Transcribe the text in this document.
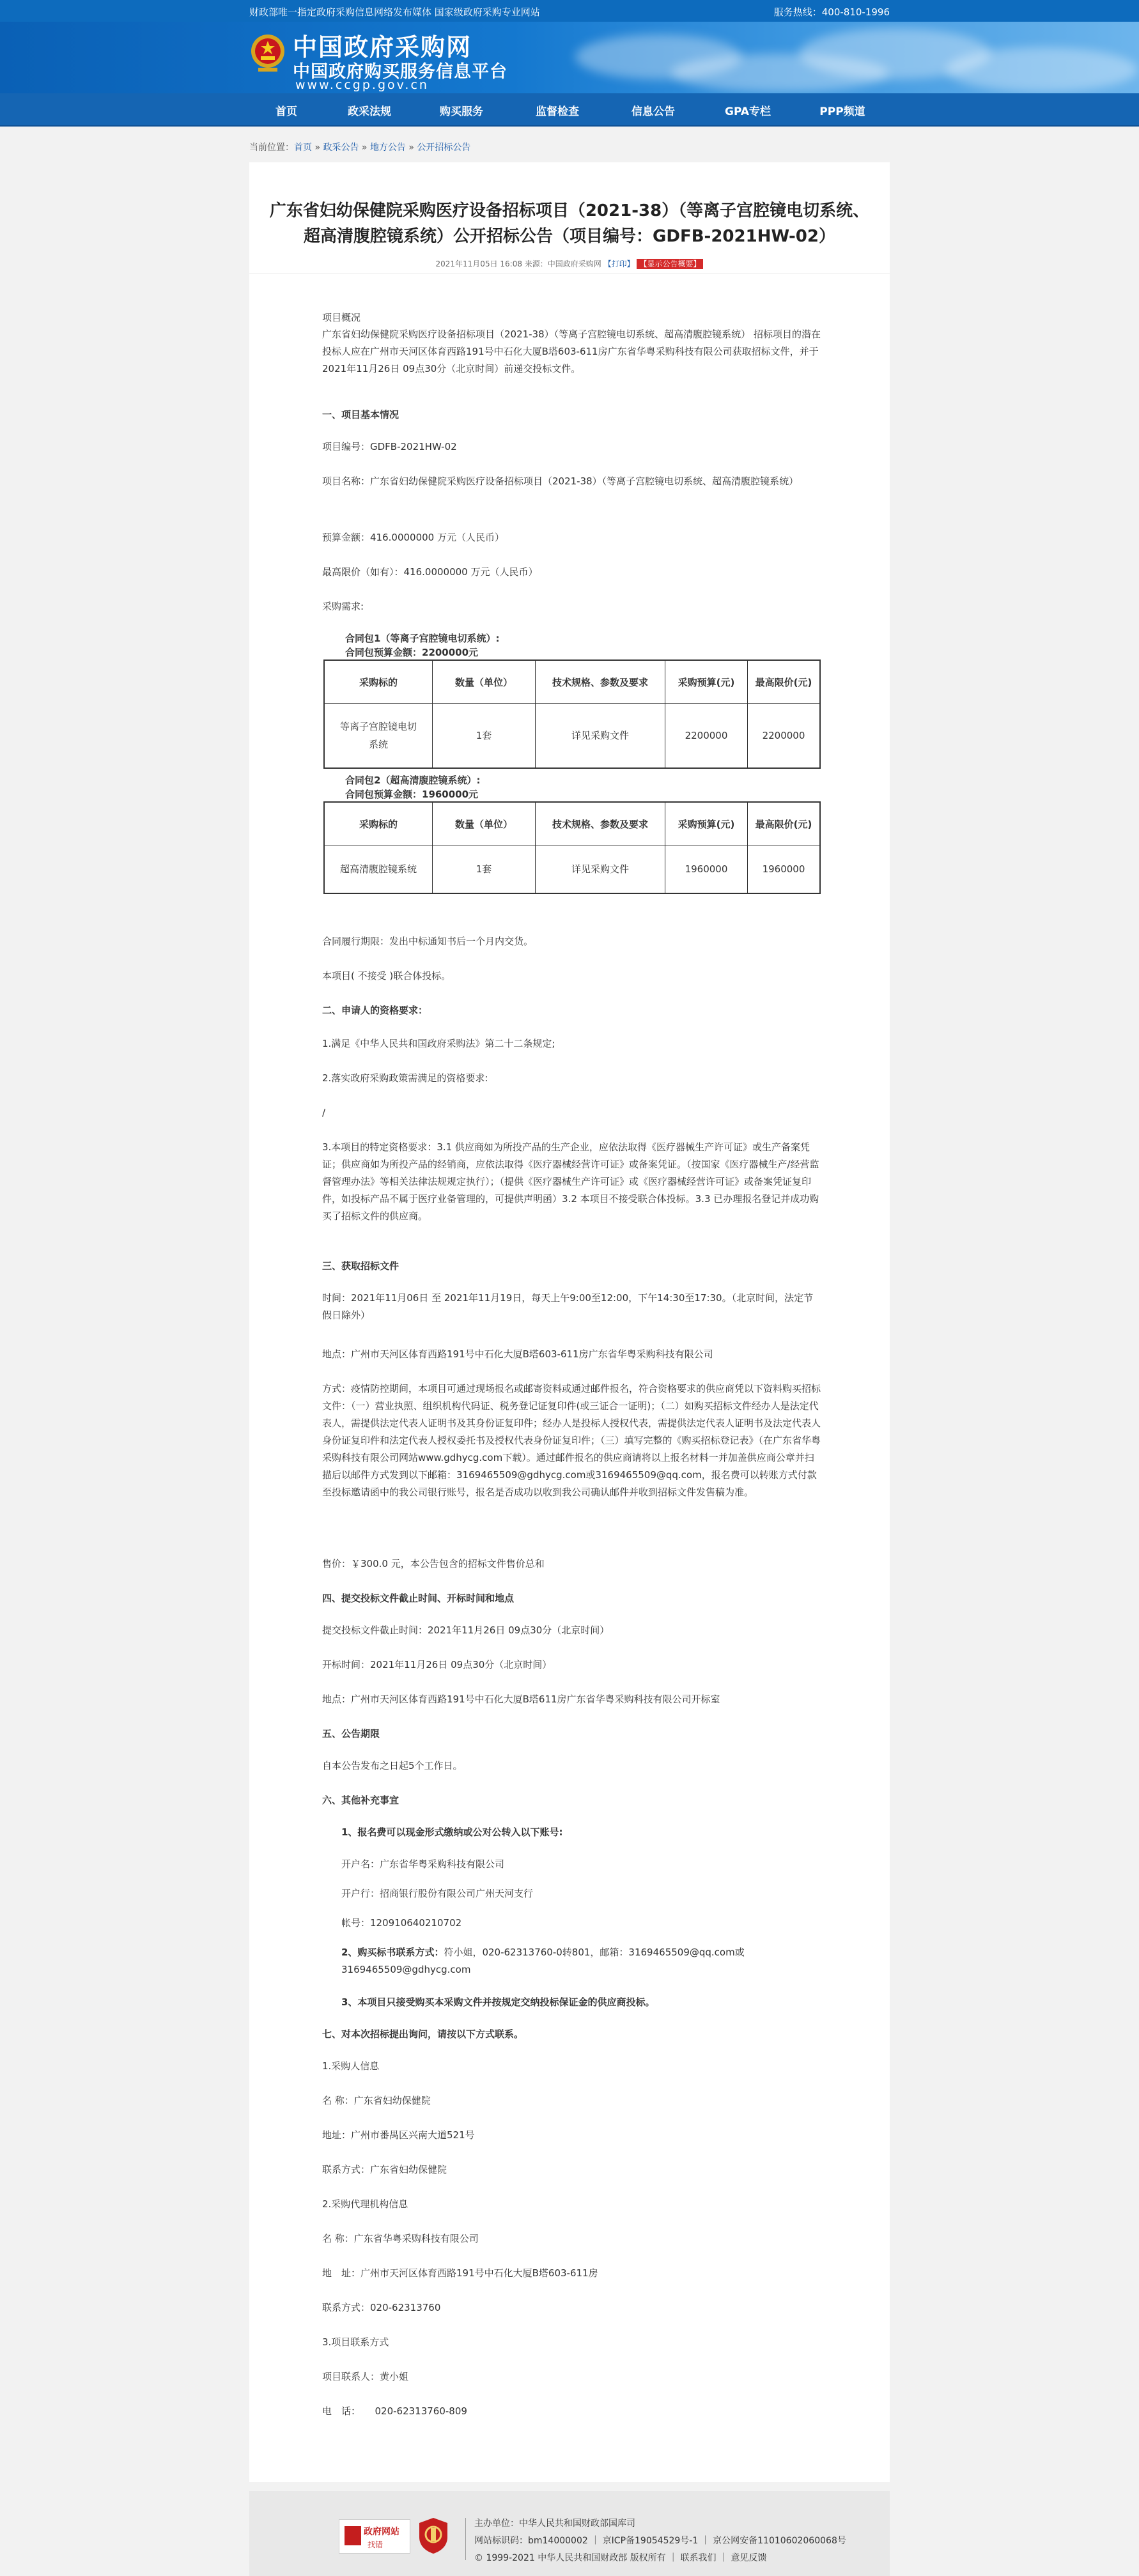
财政部唯一指定政府采购信息网络发布媒体 国家级政府采购专业网站	服务热线：400-810-1996
中国政府采购网
中国政府购买服务信息平台
www.ccgp.gov.cn
首页	政采法规	购买服务	监督检查	信息公告	GPA专栏	PPP频道
当前位置：首页 » 政采公告 » 地方公告 » 公开招标公告
广东省妇幼保健院采购医疗设备招标项目（2021-38）（等离子宫腔镜电切系统、
超高清腹腔镜系统）公开招标公告（项目编号：GDFB-2021HW-02）
2021年11月05日 16:08 来源：中国政府采购网 【打印】 【显示公告概要】
项目概况
广东省妇幼保健院采购医疗设备招标项目（2021-38）（等离子宫腔镜电切系统、超高清腹腔镜系统） 招标项目的潜在投标人应在广州市天河区体育西路191号中石化大厦B塔603-611房广东省华粤采购科技有限公司获取招标文件，并于2021年11月26日 09点30分（北京时间）前递交投标文件。
一、项目基本情况
项目编号：GDFB-2021HW-02
项目名称：广东省妇幼保健院采购医疗设备招标项目（2021-38）（等离子宫腔镜电切系统、超高清腹腔镜系统）
预算金额：416.0000000 万元（人民币）
最高限价（如有）：416.0000000 万元（人民币）
采购需求:
合同包1（等离子宫腔镜电切系统）:
合同包预算金额：2200000元
采购标的	数量（单位）	技术规格、参数及要求	采购预算(元)	最高限价(元)
等离子宫腔镜电切系统	1套	详见采购文件	2200000	2200000
合同包2（超高清腹腔镜系统）:
合同包预算金额：1960000元
采购标的	数量（单位）	技术规格、参数及要求	采购预算(元)	最高限价(元)
超高清腹腔镜系统	1套	详见采购文件	1960000	1960000
合同履行期限：发出中标通知书后一个月内交货。
本项目( 不接受 )联合体投标。
二、申请人的资格要求：
1.满足《中华人民共和国政府采购法》第二十二条规定;
2.落实政府采购政策需满足的资格要求:
/
3.本项目的特定资格要求：3.1 供应商如为所投产品的生产企业，应依法取得《医疗器械生产许可证》或生产备案凭证；供应商如为所投产品的经销商，应依法取得《医疗器械经营许可证》或备案凭证。（按国家《医疗器械生产/经营监督管理办法》等相关法律法规规定执行）；（提供《医疗器械生产许可证》或《医疗器械经营许可证》或备案凭证复印件，如投标产品不属于医疗业备管理的，可提供声明函）3.2 本项目不接受联合体投标。3.3 已办理报名登记并成功购买了招标文件的供应商。
三、获取招标文件
时间：2021年11月06日 至 2021年11月19日，每天上午9:00至12:00，下午14:30至17:30。（北京时间，法定节假日除外）
地点：广州市天河区体育西路191号中石化大厦B塔603-611房广东省华粤采购科技有限公司
方式：疫情防控期间，本项目可通过现场报名或邮寄资料或通过邮件报名，符合资格要求的供应商凭以下资料购买招标文件：（一）营业执照、组织机构代码证、税务登记证复印件(或三证合一证明)；（二）如购买招标文件经办人是法定代表人，需提供法定代表人证明书及其身份证复印件；经办人是投标人授权代表，需提供法定代表人证明书及法定代表人身份证复印件和法定代表人授权委托书及授权代表身份证复印件；（三）填写完整的《购买招标登记表》（在广东省华粤采购科技有限公司网站www.gdhycg.com下载）。通过邮件报名的供应商请将以上报名材料一并加盖供应商公章并扫描后以邮件方式发到以下邮箱：3169465509@gdhycg.com或3169465509@qq.com，报名费可以转账方式付款至投标邀请函中的我公司银行账号，报名是否成功以收到我公司确认邮件并收到招标文件发售稿为准。
售价：￥300.0 元，本公告包含的招标文件售价总和
四、提交投标文件截止时间、开标时间和地点
提交投标文件截止时间：2021年11月26日 09点30分（北京时间）
开标时间：2021年11月26日 09点30分（北京时间）
地点：广州市天河区体育西路191号中石化大厦B塔611房广东省华粤采购科技有限公司开标室
五、公告期限
自本公告发布之日起5个工作日。
六、其他补充事宜
1、报名费可以现金形式缴纳或公对公转入以下账号:
开户名：广东省华粤采购科技有限公司
开户行：招商银行股份有限公司广州天河支行
帐号：120910640210702
2、购买标书联系方式：符小姐，020-62313760-0转801，邮箱：3169465509@qq.com或3169465509@gdhycg.com
3、本项目只接受购买本采购文件并按规定交纳投标保证金的供应商投标。
七、对本次招标提出询问，请按以下方式联系。
1.采购人信息
名 称：广东省妇幼保健院
地址：广州市番禺区兴南大道521号
联系方式：广东省妇幼保健院
2.采购代理机构信息
名 称：广东省华粤采购科技有限公司
地　址：广州市天河区体育西路191号中石化大厦B塔603-611房
联系方式：020-62313760
3.项目联系方式
项目联系人：黄小姐
电　话：　　020-62313760-809
政府网站
找错
主办单位：中华人民共和国财政部国库司
网站标识码：bm14000002 ｜ 京ICP备19054529号-1 ｜ 京公网安备11010602060068号
© 1999-2021 中华人民共和国财政部 版权所有 ｜ 联系我们 ｜ 意见反馈
